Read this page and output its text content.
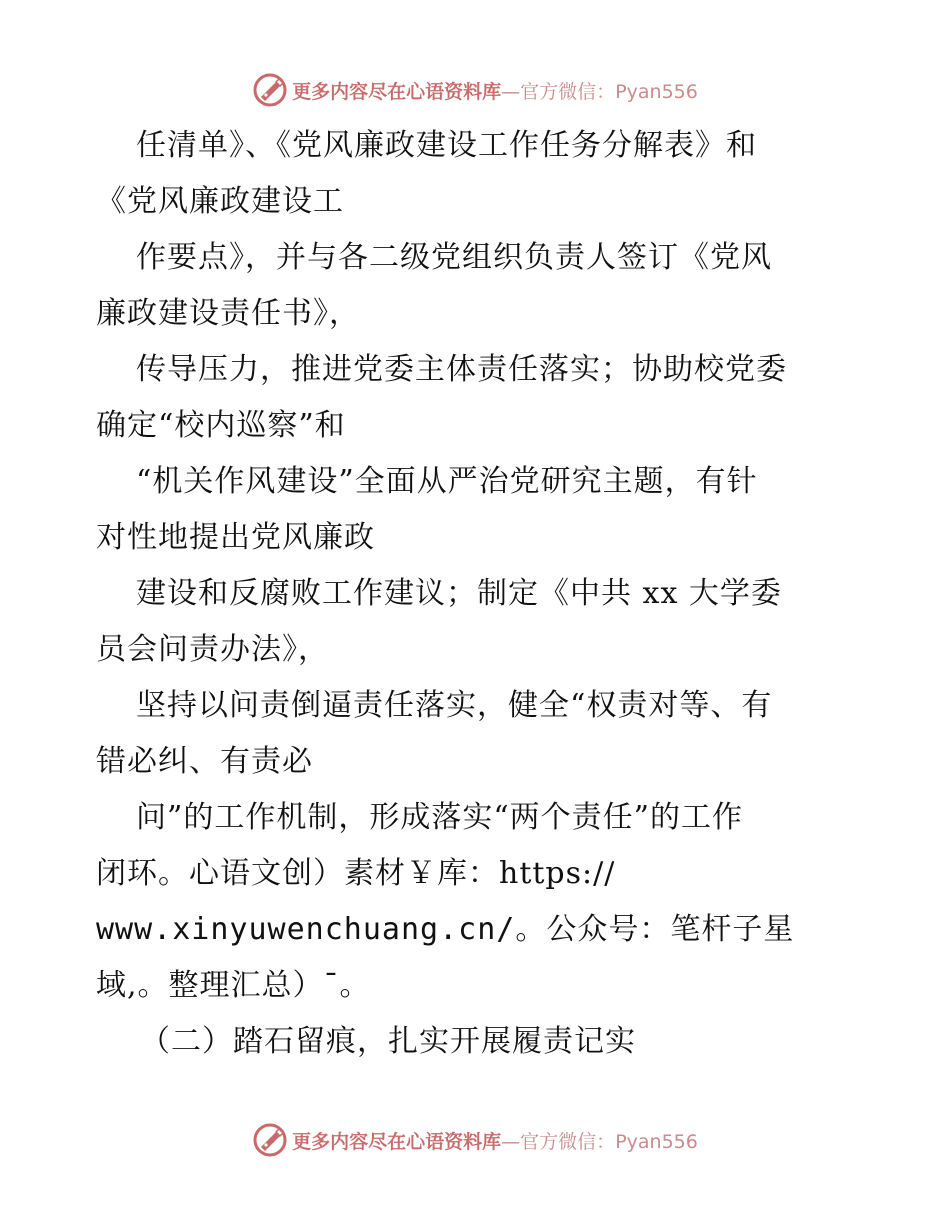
更多内容尽在心语资料库—官方微信：Pyan556
任清单》、《党风廉政建设工作任务分解表》和
《党风廉政建设工
作要点》，并与各二级党组织负责人签订《党风
廉政建设责任书》，
传导压力，推进党委主体责任落实；协助校党委
确定“校内巡察”和
“机关作风建设”全面从严治党研究主题，有针
对性地提出党风廉政
建设和反腐败工作建议；制定《中共 xx 大学委
员会问责办法》，
坚持以问责倒逼责任落实，健全“权责对等、有
错必纠、有责必
问”的工作机制，形成落实“两个责任”的工作
闭环。心语文创）素材￥库：https://
www.xinyuwenchuang.cn/。公众号：笔杆子星
域,。整理汇总）¯。
（二）踏石留痕，扎实开展履责记实
更多内容尽在心语资料库—官方微信：Pyan556
